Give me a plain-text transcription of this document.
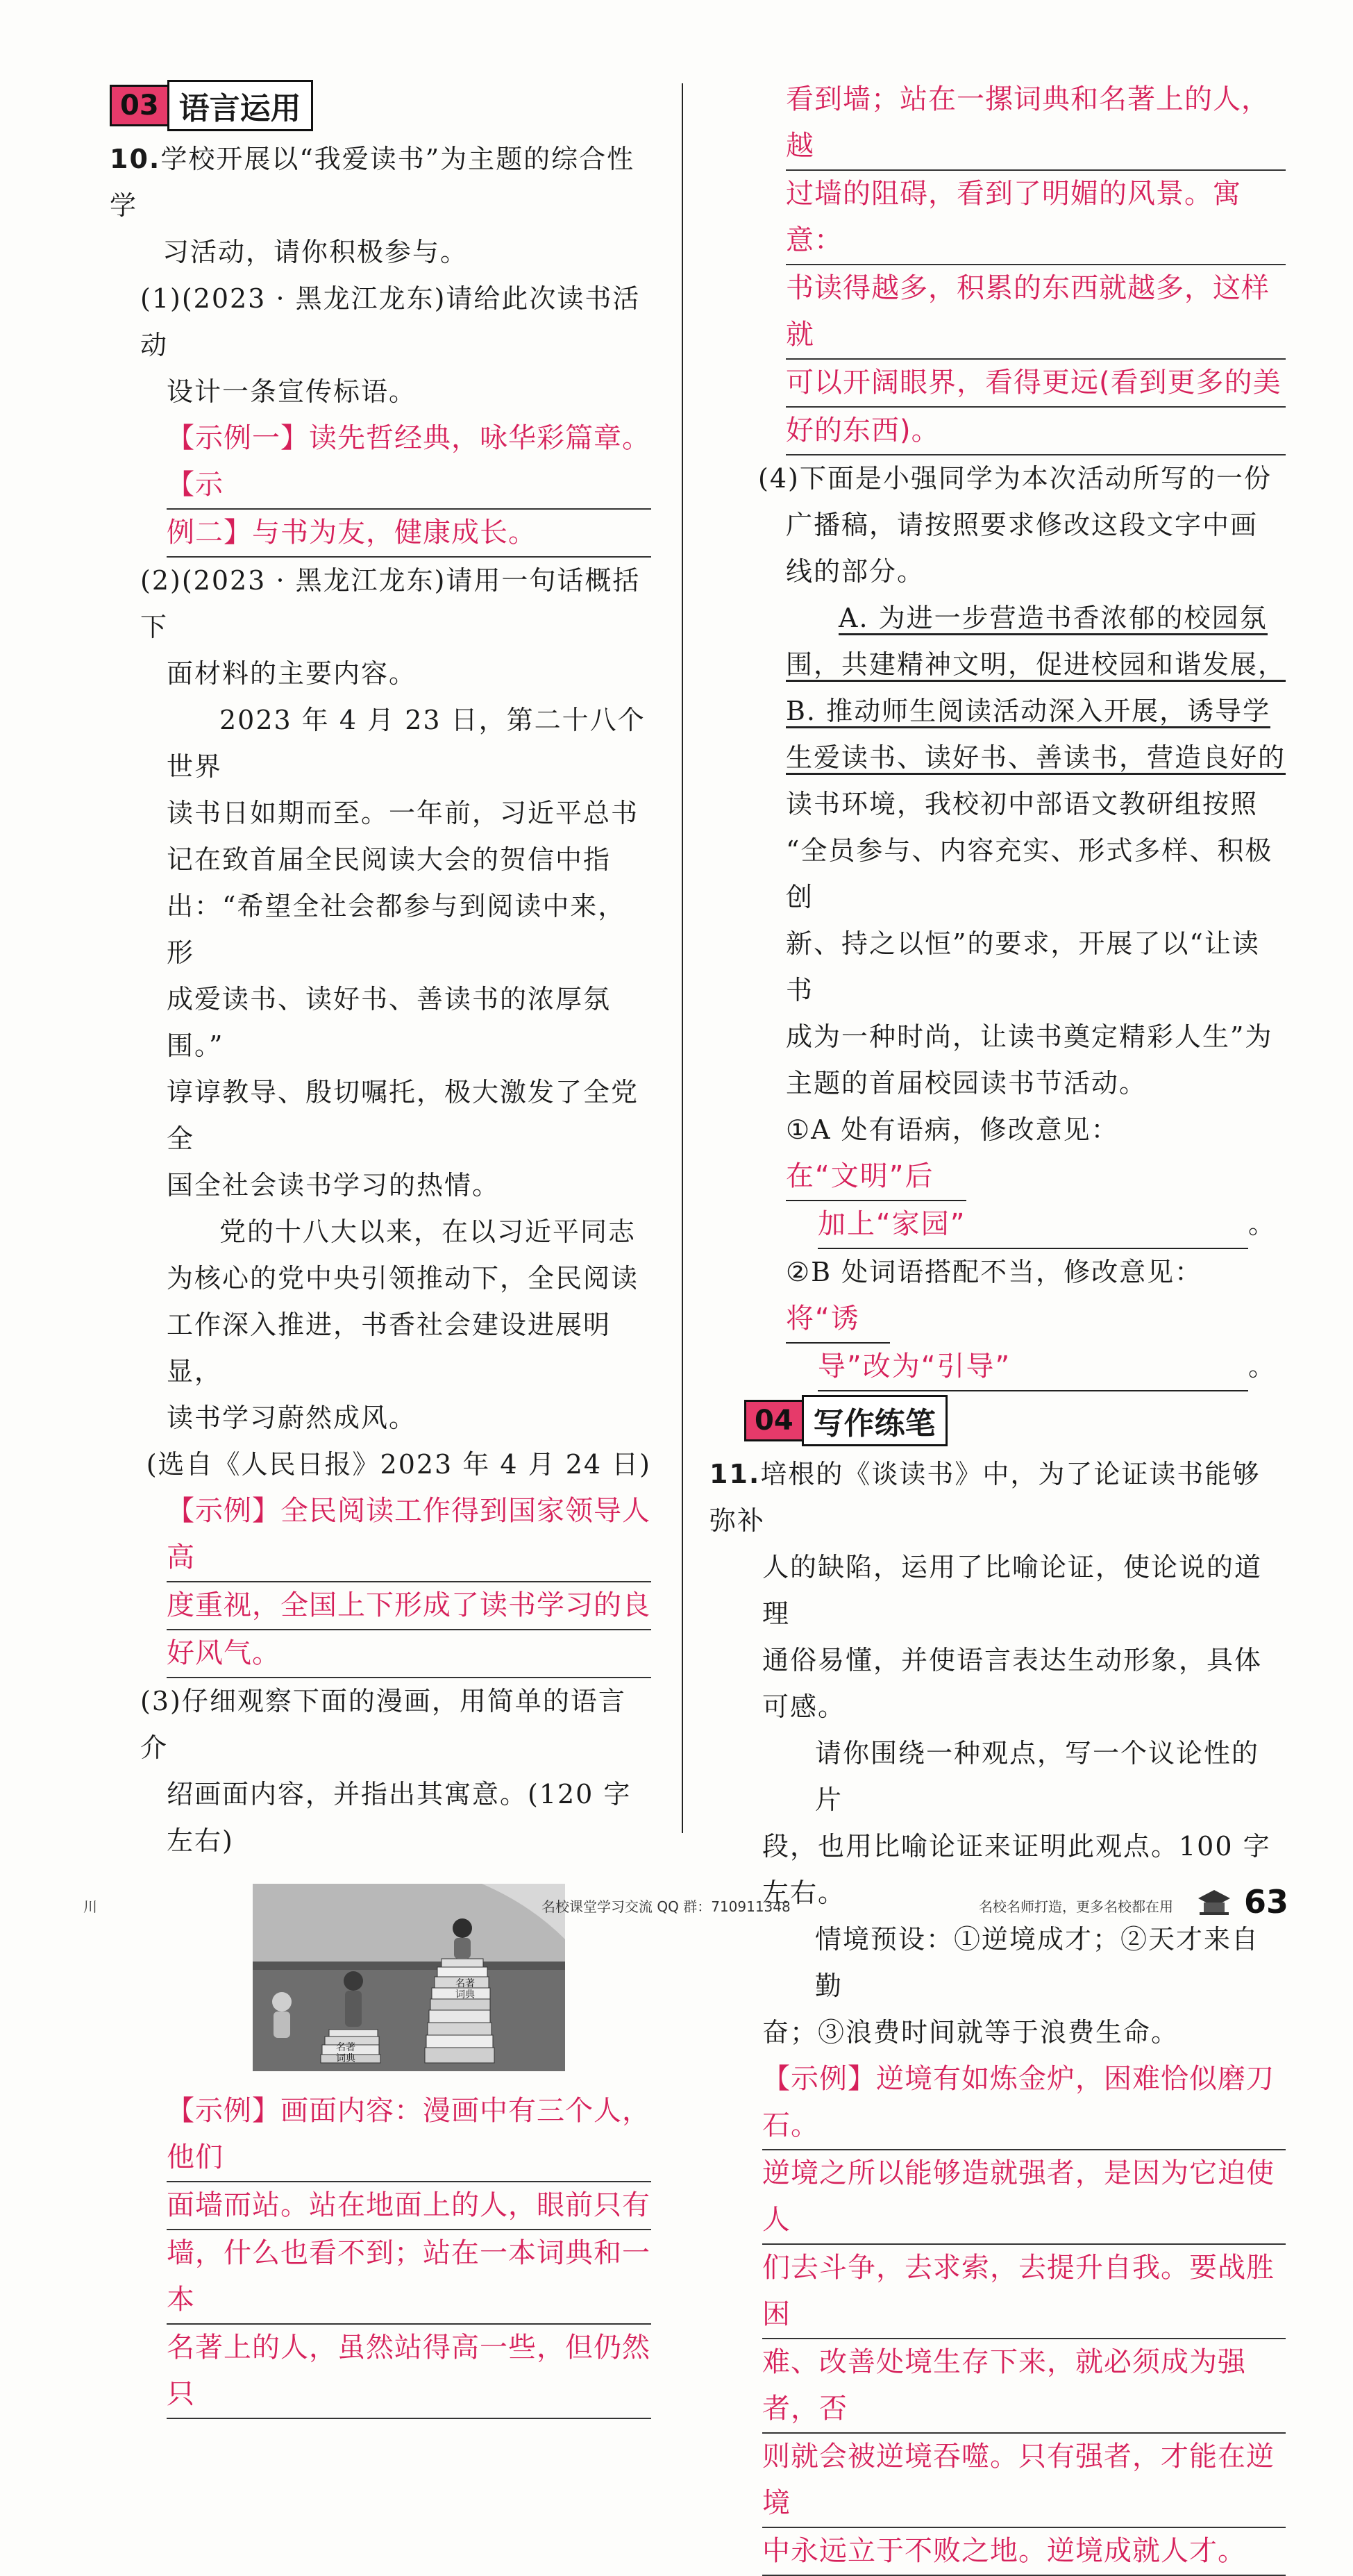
03 语言运用

10.学校开展以“我爱读书”为主题的综合性学

习活动，请你积极参与。

(1)(2023 · 黑龙江龙东)请给此次读书活动

设计一条宣传标语。

【示例一】读先哲经典，咏华彩篇章。【示
例二】与书为友，健康成长。

(2)(2023 · 黑龙江龙东)请用一句话概括下

面材料的主要内容。

2023 年 4 月 23 日，第二十八个世界

读书日如期而至。一年前，习近平总书

记在致首届全民阅读大会的贺信中指

出：“希望全社会都参与到阅读中来，形

成爱读书、读好书、善读书的浓厚氛围。”

谆谆教导、殷切嘱托，极大激发了全党全

国全社会读书学习的热情。

党的十八大以来，在以习近平同志

为核心的党中央引领推动下，全民阅读

工作深入推进，书香社会建设进展明显，

读书学习蔚然成风。

(选自《人民日报》2023 年 4 月 24 日)

【示例】全民阅读工作得到国家领导人高
度重视，全国上下形成了读书学习的良
好风气。

(3)仔细观察下面的漫画，用简单的语言介

绍画面内容，并指出其寓意。(120 字

左右)

名著
词典
名著
词典
【示例】画面内容：漫画中有三个人，他们
面墙而站。站在地面上的人，眼前只有
墙，什么也看不到；站在一本词典和一本
名著上的人，虽然站得高一些，但仍然只
看到墙；站在一摞词典和名著上的人，越
过墙的阻碍，看到了明媚的风景。寓意：
书读得越多，积累的东西就越多，这样就
可以开阔眼界，看得更远(看到更多的美
好的东西)。

(4)下面是小强同学为本次活动所写的一份

广播稿，请按照要求修改这段文字中画

线的部分。

A. 为进一步营造书香浓郁的校园氛

围，共建精神文明，促进校园和谐发展，

B. 推动师生阅读活动深入开展，诱导学

生爱读书、读好书、善读书，营造良好的

读书环境，我校初中部语文教研组按照

“全员参与、内容充实、形式多样、积极创

新、持之以恒”的要求，开展了以“让读书

成为一种时尚，让读书奠定精彩人生”为

主题的首届校园读书节活动。

①A 处有语病，修改意见：在“文明”后

加上“家园”	。

②B 处词语搭配不当，修改意见：将“诱

导”改为“引导”	。

04 写作练笔

11.培根的《谈读书》中，为了论证读书能够弥补

人的缺陷，运用了比喻论证，使论说的道理

通俗易懂，并使语言表达生动形象，具体

可感。

请你围绕一种观点，写一个议论性的片

段，也用比喻论证来证明此观点。100 字

左右。

情境预设：①逆境成才；②天才来自勤

奋；③浪费时间就等于浪费生命。

【示例】逆境有如炼金炉，困难恰似磨刀石。
逆境之所以能够造就强者，是因为它迫使人
们去斗争，去求索，去提升自我。要战胜困
难、改善处境生存下来，就必须成为强者，否
则就会被逆境吞噬。只有强者，才能在逆境
中永远立于不败之地。逆境成就人才。
川	名校课堂学习交流 QQ 群：710911348	名校名师打造，更多名校都在用 63
